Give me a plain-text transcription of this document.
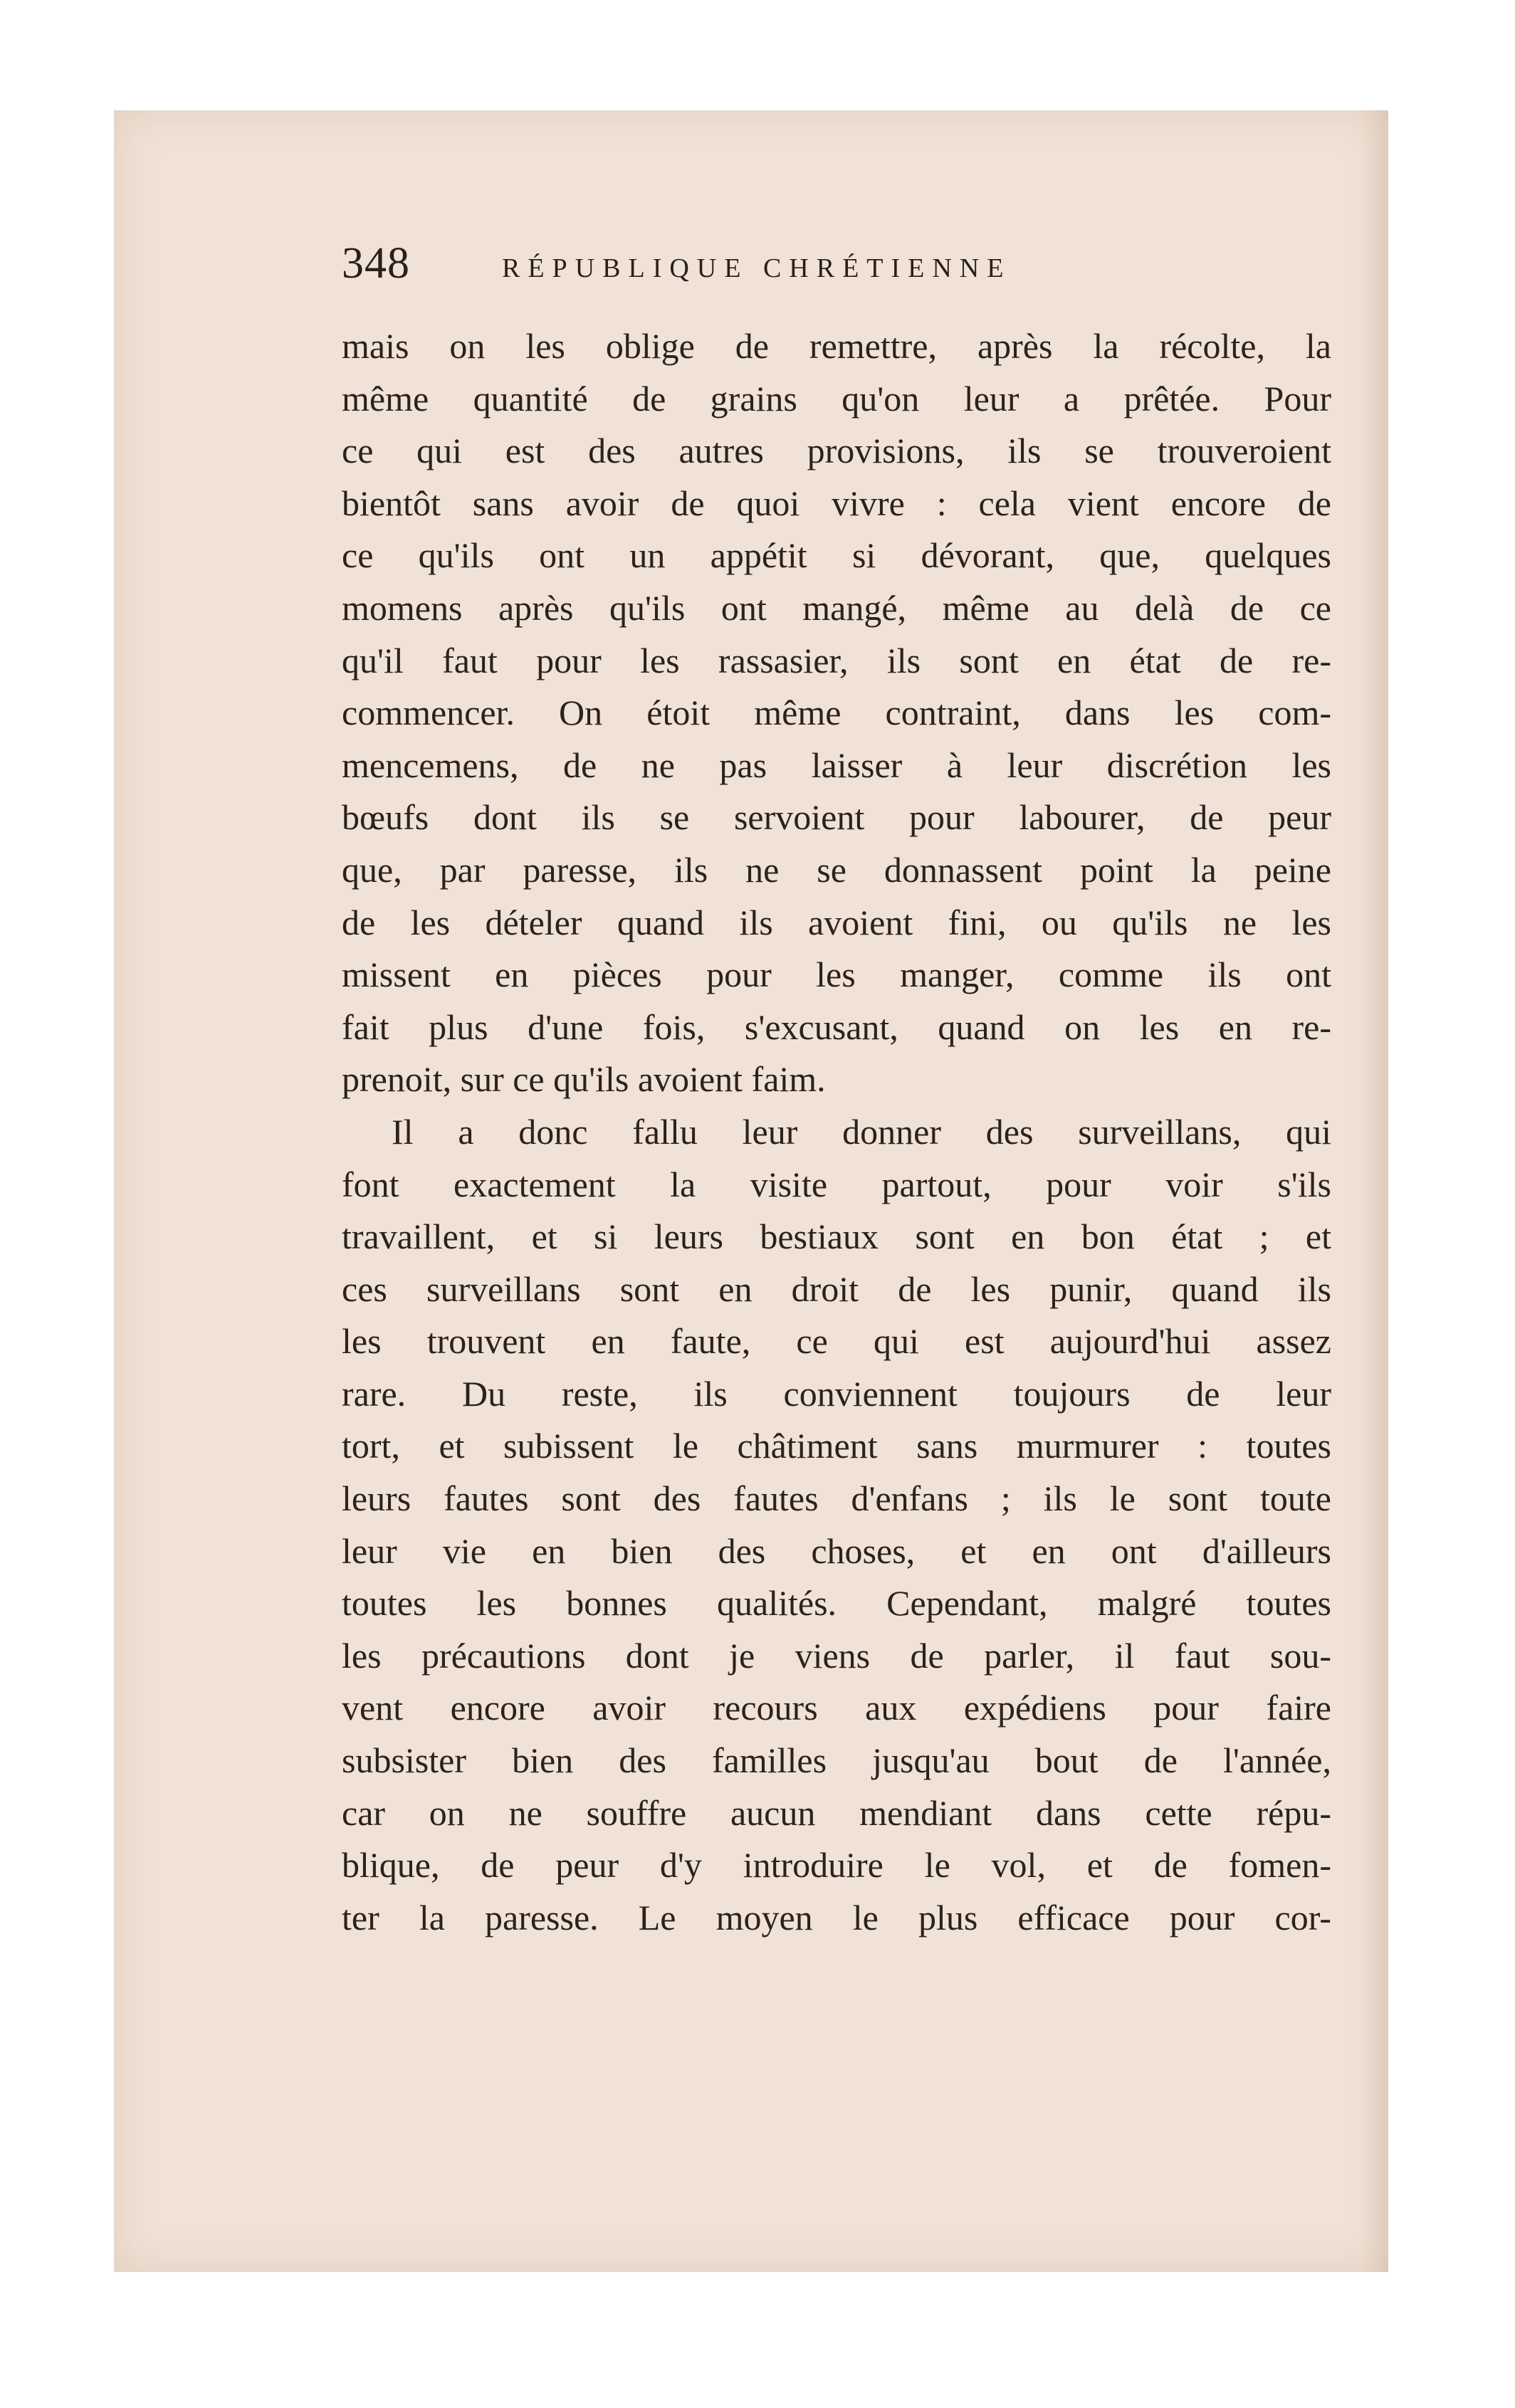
348	RÉPUBLIQUE CHRÉTIENNE
mais on les oblige de remettre, après la récolte, la
même quantité de grains qu'on leur a prêtée. Pour
ce qui est des autres provisions, ils se trouveroient
bientôt sans avoir de quoi vivre : cela vient encore de
ce qu'ils ont un appétit si dévorant, que, quelques
momens après qu'ils ont mangé, même au delà de ce
qu'il faut pour les rassasier, ils sont en état de re-
commencer. On étoit même contraint, dans les com-
mencemens, de ne pas laisser à leur discrétion les
bœufs dont ils se servoient pour labourer, de peur
que, par paresse, ils ne se donnassent point la peine
de les dételer quand ils avoient fini, ou qu'ils ne les
missent en pièces pour les manger, comme ils ont
fait plus d'une fois, s'excusant, quand on les en re-
prenoit, sur ce qu'ils avoient faim.
Il a donc fallu leur donner des surveillans, qui
font exactement la visite partout, pour voir s'ils
travaillent, et si leurs bestiaux sont en bon état ; et
ces surveillans sont en droit de les punir, quand ils
les trouvent en faute, ce qui est aujourd'hui assez
rare. Du reste, ils conviennent toujours de leur
tort, et subissent le châtiment sans murmurer : toutes
leurs fautes sont des fautes d'enfans ; ils le sont toute
leur vie en bien des choses, et en ont d'ailleurs
toutes les bonnes qualités. Cependant, malgré toutes
les précautions dont je viens de parler, il faut sou-
vent encore avoir recours aux expédiens pour faire
subsister bien des familles jusqu'au bout de l'année,
car on ne souffre aucun mendiant dans cette répu-
blique, de peur d'y introduire le vol, et de fomen-
ter la paresse. Le moyen le plus efficace pour cor-
